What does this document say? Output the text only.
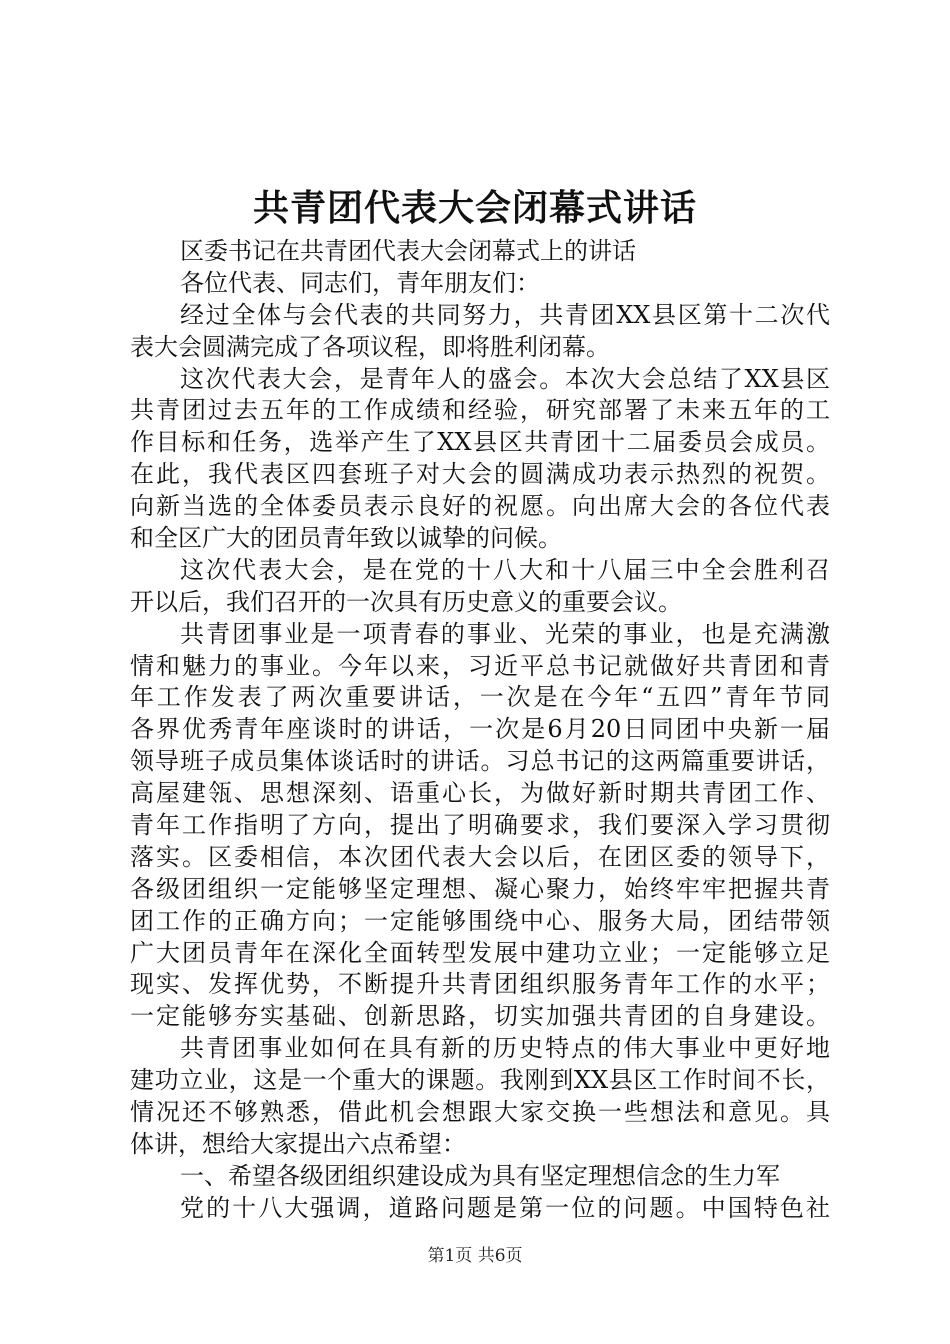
共青团代表大会闭幕式讲话
区委书记在共青团代表大会闭幕式上的讲话
各位代表、同志们，青年朋友们：
经过全体与会代表的共同努力，共青团XX县区第十二次代
表大会圆满完成了各项议程，即将胜利闭幕。
这次代表大会，是青年人的盛会。本次大会总结了XX县区
共青团过去五年的工作成绩和经验，研究部署了未来五年的工
作目标和任务，选举产生了XX县区共青团十二届委员会成员。
在此，我代表区四套班子对大会的圆满成功表示热烈的祝贺。
向新当选的全体委员表示良好的祝愿。向出席大会的各位代表
和全区广大的团员青年致以诚挚的问候。
这次代表大会，是在党的十八大和十八届三中全会胜利召
开以后，我们召开的一次具有历史意义的重要会议。
共青团事业是一项青春的事业、光荣的事业，也是充满激
情和魅力的事业。今年以来，习近平总书记就做好共青团和青
年工作发表了两次重要讲话，一次是在今年“五四”青年节同
各界优秀青年座谈时的讲话，一次是6月20日同团中央新一届
领导班子成员集体谈话时的讲话。习总书记的这两篇重要讲话，
高屋建瓴、思想深刻、语重心长，为做好新时期共青团工作、
青年工作指明了方向，提出了明确要求，我们要深入学习贯彻
落实。区委相信，本次团代表大会以后，在团区委的领导下，
各级团组织一定能够坚定理想、凝心聚力，始终牢牢把握共青
团工作的正确方向；一定能够围绕中心、服务大局，团结带领
广大团员青年在深化全面转型发展中建功立业；一定能够立足
现实、发挥优势，不断提升共青团组织服务青年工作的水平；
一定能够夯实基础、创新思路，切实加强共青团的自身建设。
共青团事业如何在具有新的历史特点的伟大事业中更好地
建功立业，这是一个重大的课题。我刚到XX县区工作时间不长，
情况还不够熟悉，借此机会想跟大家交换一些想法和意见。具
体讲，想给大家提出六点希望：
一、希望各级团组织建设成为具有坚定理想信念的生力军
党的十八大强调，道路问题是第一位的问题。中国特色社
第1页 共6页
